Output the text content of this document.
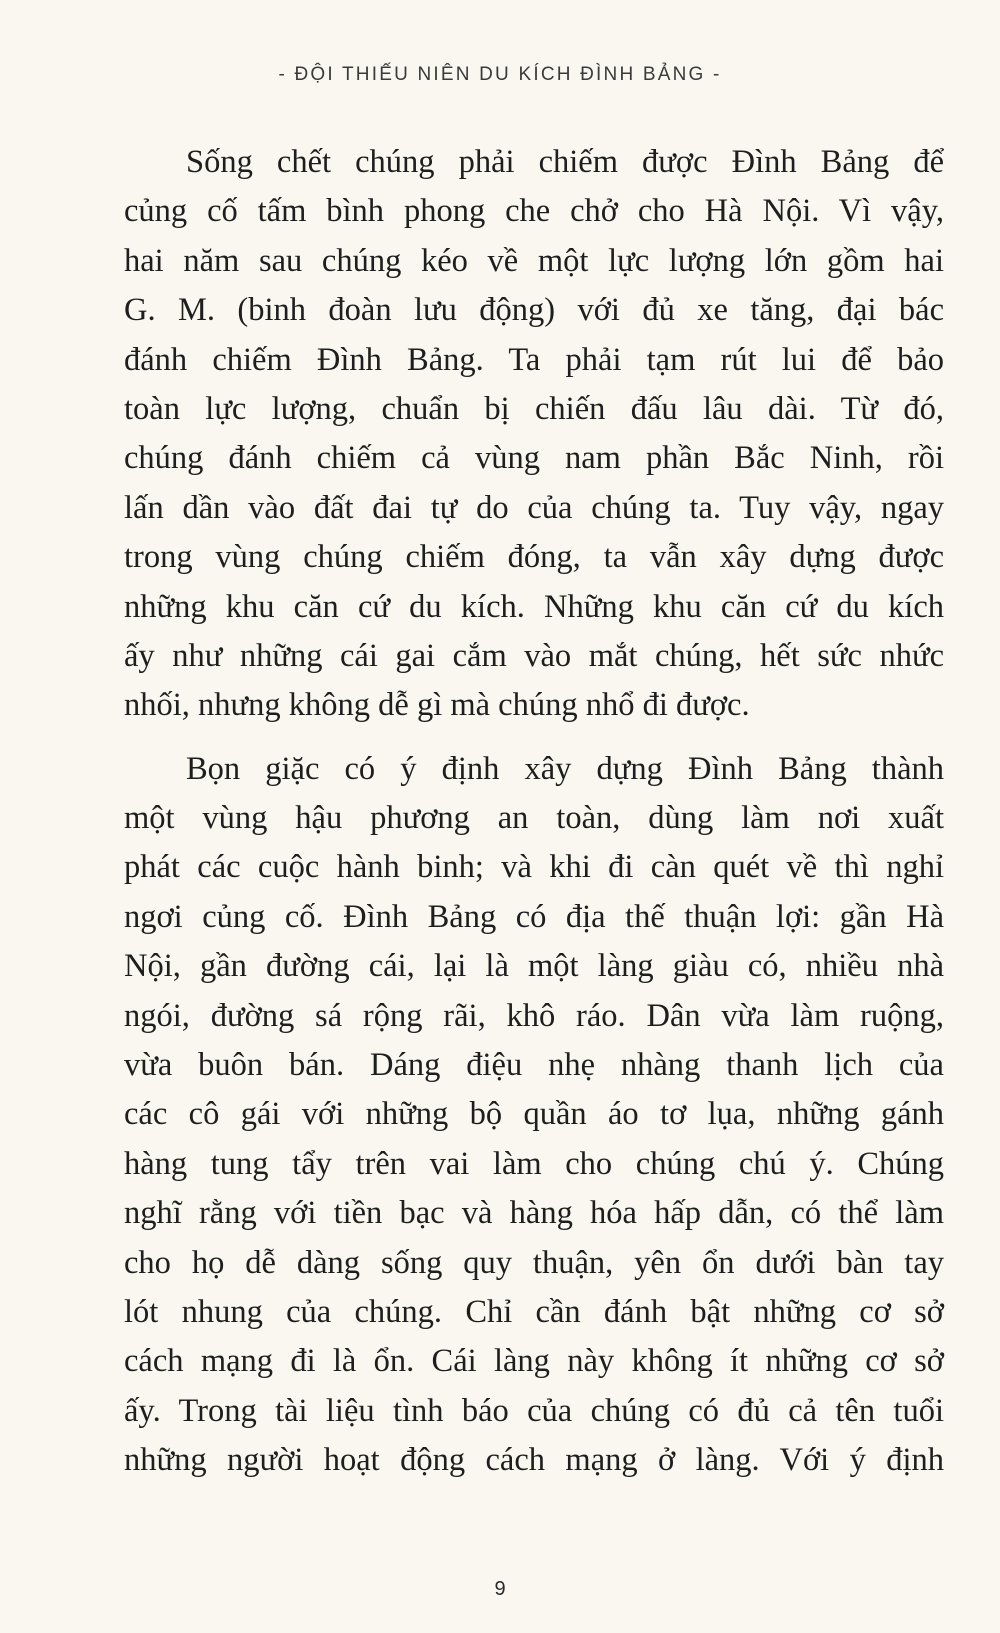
- ĐỘI THIẾU NIÊN DU KÍCH ĐÌNH BẢNG -
Sống chết chúng phải chiếm được Đình Bảng để
củng cố tấm bình phong che chở cho Hà Nội. Vì vậy,
hai năm sau chúng kéo về một lực lượng lớn gồm hai
G. M. (binh đoàn lưu động) với đủ xe tăng, đại bác
đánh chiếm Đình Bảng. Ta phải tạm rút lui để bảo
toàn lực lượng, chuẩn bị chiến đấu lâu dài. Từ đó,
chúng đánh chiếm cả vùng nam phần Bắc Ninh, rồi
lấn dần vào đất đai tự do của chúng ta. Tuy vậy, ngay
trong vùng chúng chiếm đóng, ta vẫn xây dựng được
những khu căn cứ du kích. Những khu căn cứ du kích
ấy như những cái gai cắm vào mắt chúng, hết sức nhức
nhối, nhưng không dễ gì mà chúng nhổ đi được.
Bọn giặc có ý định xây dựng Đình Bảng thành
một vùng hậu phương an toàn, dùng làm nơi xuất
phát các cuộc hành binh; và khi đi càn quét về thì nghỉ
ngơi củng cố. Đình Bảng có địa thế thuận lợi: gần Hà
Nội, gần đường cái, lại là một làng giàu có, nhiều nhà
ngói, đường sá rộng rãi, khô ráo. Dân vừa làm ruộng,
vừa buôn bán. Dáng điệu nhẹ nhàng thanh lịch của
các cô gái với những bộ quần áo tơ lụa, những gánh
hàng tung tẩy trên vai làm cho chúng chú ý. Chúng
nghĩ rằng với tiền bạc và hàng hóa hấp dẫn, có thể làm
cho họ dễ dàng sống quy thuận, yên ổn dưới bàn tay
lót nhung của chúng. Chỉ cần đánh bật những cơ sở
cách mạng đi là ổn. Cái làng này không ít những cơ sở
ấy. Trong tài liệu tình báo của chúng có đủ cả tên tuổi
những người hoạt động cách mạng ở làng. Với ý định
9
